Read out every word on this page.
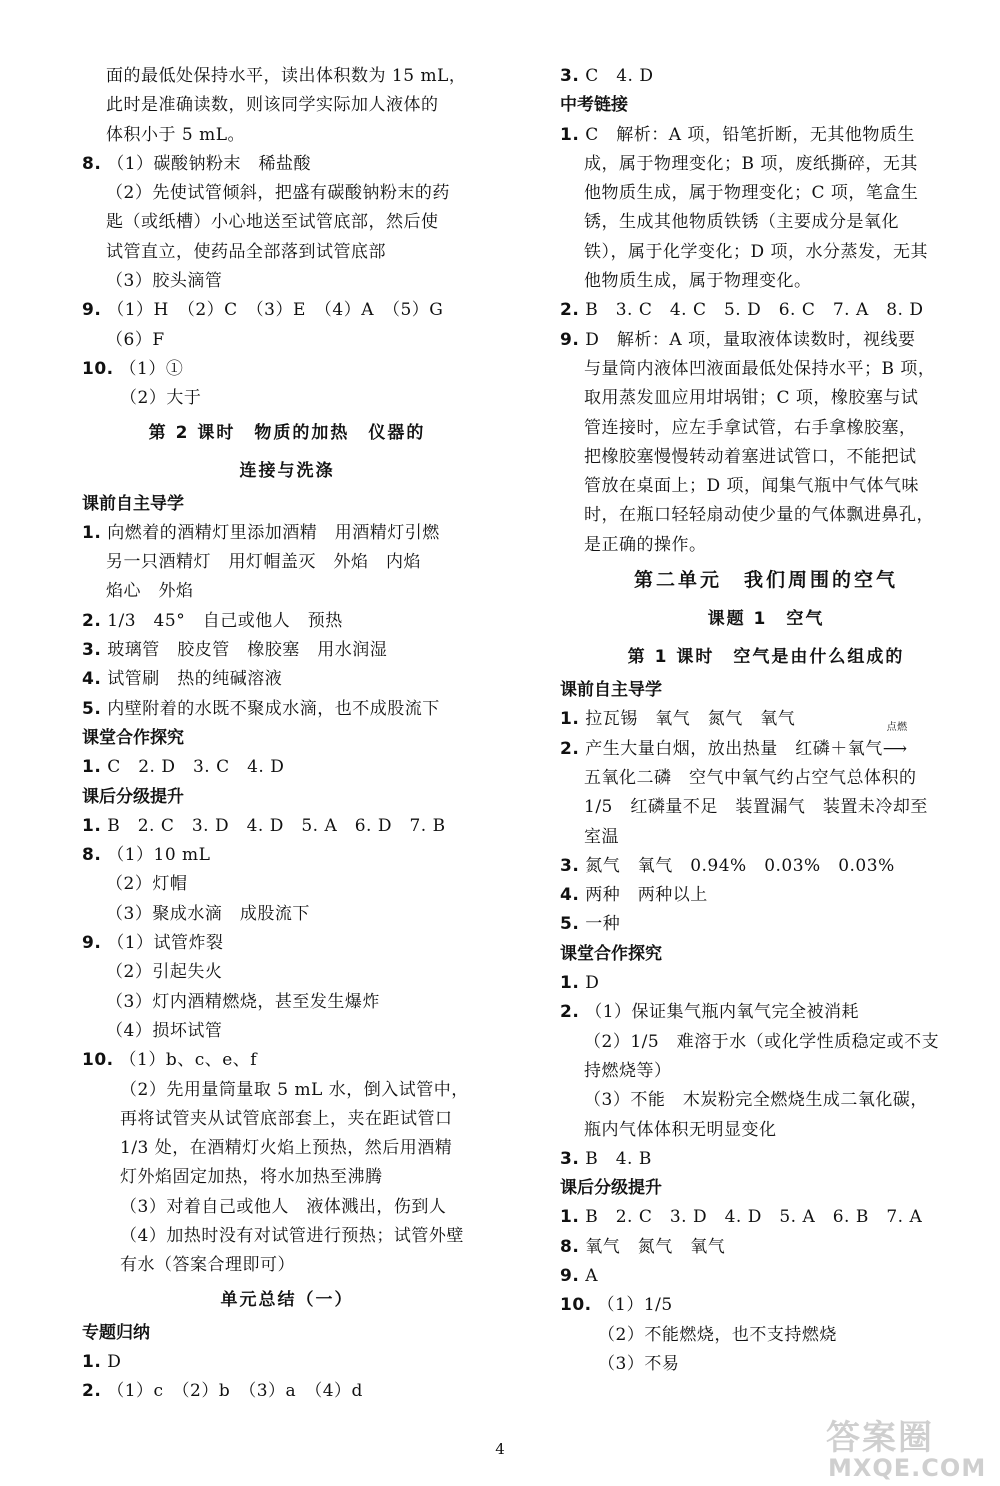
面的最低处保持水平，读出体积数为 15 mL，
此时是准确读数，则该同学实际加人液体的
体积小于 5 mL。
8. （1）碳酸钠粉末　稀盐酸
（2）先使试管倾斜，把盛有碳酸钠粉末的药
匙（或纸槽）小心地送至试管底部，然后使
试管直立，使药品全部落到试管底部
（3）胶头滴管
9. （1）H　（2）C　（3）E　（4）A　（5）G
（6）F
10. （1）①
（2）大于
第 2 课时　物质的加热　仪器的
连接与洗涤
课前自主导学
1. 向燃着的酒精灯里添加酒精　用酒精灯引燃
另一只酒精灯　用灯帽盖灭　外焰　内焰
焰心　外焰
2. 1/3　45°　自己或他人　预热
3. 玻璃管　胶皮管　橡胶塞　用水润湿
4. 试管刷　热的纯碱溶液
5. 内壁附着的水既不聚成水滴，也不成股流下
课堂合作探究
1. C　2. D　3. C　4. D
课后分级提升
1. B　2. C　3. D　4. D　5. A　6. D　7. B
8. （1）10 mL
（2）灯帽
（3）聚成水滴　成股流下
9. （1）试管炸裂
（2）引起失火
（3）灯内酒精燃烧，甚至发生爆炸
（4）损坏试管
10. （1）b、c、e、f
（2）先用量筒量取 5 mL 水，倒入试管中，
再将试管夹从试管底部套上，夹在距试管口
1/3 处，在酒精灯火焰上预热，然后用酒精
灯外焰固定加热，将水加热至沸腾
（3）对着自己或他人　液体溅出，伤到人
（4）加热时没有对试管进行预热；试管外壁
有水（答案合理即可）
单元总结（一）
专题归纳
1. D
2. （1）c　（2）b　（3）a　（4）d
3. C　4. D
中考链接
1. C　解析：A 项，铅笔折断，无其他物质生
成，属于物理变化；B 项，废纸撕碎，无其
他物质生成，属于物理变化；C 项，笔盒生
锈，生成其他物质铁锈（主要成分是氧化
铁），属于化学变化；D 项，水分蒸发，无其
他物质生成，属于物理变化。
2. B　3. C　4. C　5. D　6. C　7. A　8. D
9. D　解析：A 项，量取液体读数时，视线要
与量筒内液体凹液面最低处保持水平；B 项，
取用蒸发皿应用坩埚钳；C 项，橡胶塞与试
管连接时，应左手拿试管，右手拿橡胶塞，
把橡胶塞慢慢转动着塞进试管口，不能把试
管放在桌面上；D 项，闻集气瓶中气体气味
时，在瓶口轻轻扇动使少量的气体飘进鼻孔，
是正确的操作。
第二单元　我们周围的空气
课题 1　空气
第 1 课时　空气是由什么组成的
课前自主导学
1. 拉瓦锡　氧气　氮气　氧气
2. 产生大量白烟，放出热量　红磷＋氧气
点燃
⟶
五氧化二磷　空气中氧气约占空气总体积的
1/5　红磷量不足　装置漏气　装置未冷却至
室温
3. 氮气　氧气　0.94%　0.03%　0.03%
4. 两种　两种以上
5. 一种
课堂合作探究
1. D
2. （1）保证集气瓶内氧气完全被消耗
（2）1/5　难溶于水（或化学性质稳定或不支
持燃烧等）
（3）不能　木炭粉完全燃烧生成二氧化碳，
瓶内气体体积无明显变化
3. B　4. B
课后分级提升
1. B　2. C　3. D　4. D　5. A　6. B　7. A
8. 氧气　氮气　氧气
9. A
10. （1）1/5
（2）不能燃烧，也不支持燃烧
（3）不易
4	答案圈
MXQE.COM
